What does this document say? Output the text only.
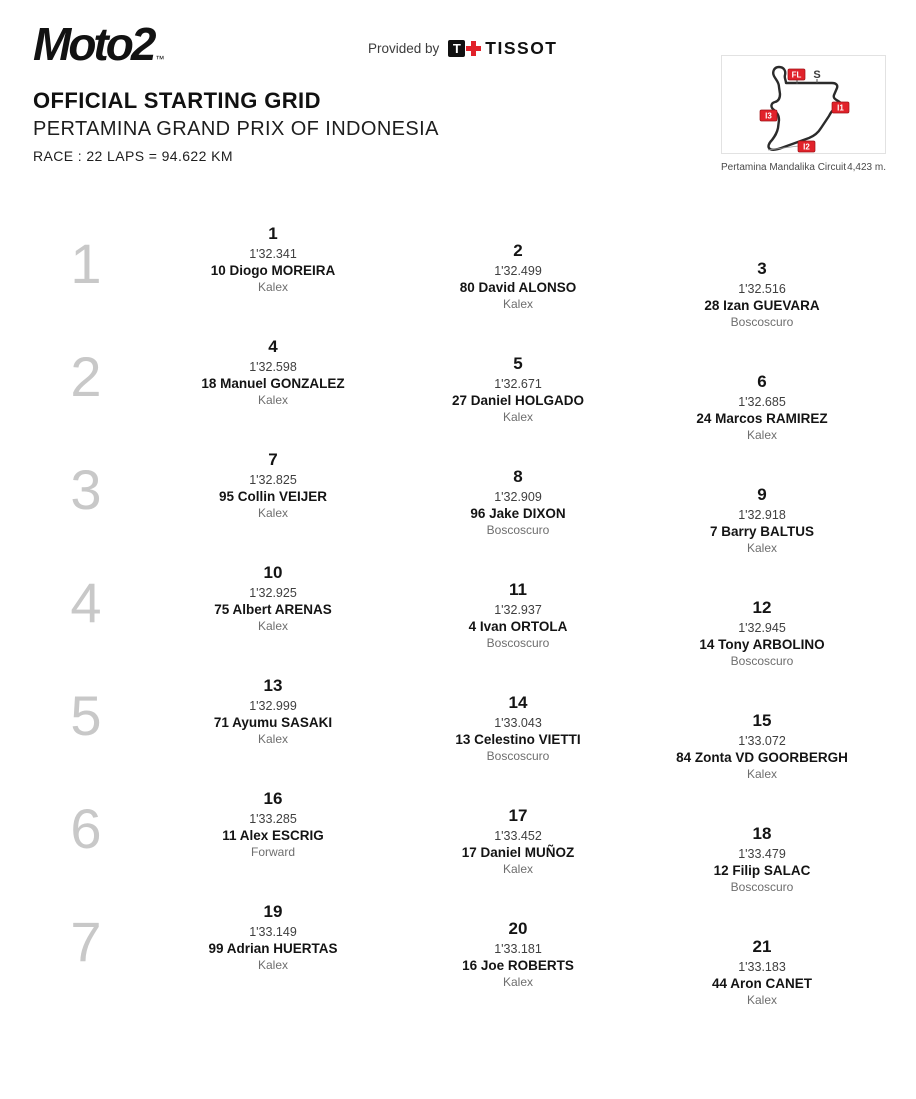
Moto2 ™
Provided by	T TISSOT
OFFICIAL STARTING GRID
PERTAMINA GRAND PRIX OF INDONESIA
RACE : 22 LAPS = 94.622 KM
FL S
I1
I3
I2
Pertamina Mandalika Circuit 4,423 m.
1	1
1'32.341
10 Diogo MOREIRA
Kalex
2
1'32.499
80 David ALONSO
Kalex
3
1'32.516
28 Izan GUEVARA
Boscoscuro
2	4
1'32.598
18 Manuel GONZALEZ
Kalex
5
1'32.671
27 Daniel HOLGADO
Kalex
6
1'32.685
24 Marcos RAMIREZ
Kalex
3	7
1'32.825
95 Collin VEIJER
Kalex
8
1'32.909
96 Jake DIXON
Boscoscuro
9
1'32.918
7 Barry BALTUS
Kalex
4	10
1'32.925
75 Albert ARENAS
Kalex
11
1'32.937
4 Ivan ORTOLA
Boscoscuro
12
1'32.945
14 Tony ARBOLINO
Boscoscuro
5	13
1'32.999
71 Ayumu SASAKI
Kalex
14
1'33.043
13 Celestino VIETTI
Boscoscuro
15
1'33.072
84 Zonta VD GOORBERGH
Kalex
6	16
1'33.285
11 Alex ESCRIG
Forward
17
1'33.452
17 Daniel MUÑOZ
Kalex
18
1'33.479
12 Filip SALAC
Boscoscuro
7	19
1'33.149
99 Adrian HUERTAS
Kalex
20
1'33.181
16 Joe ROBERTS
Kalex
21
1'33.183
44 Aron CANET
Kalex
